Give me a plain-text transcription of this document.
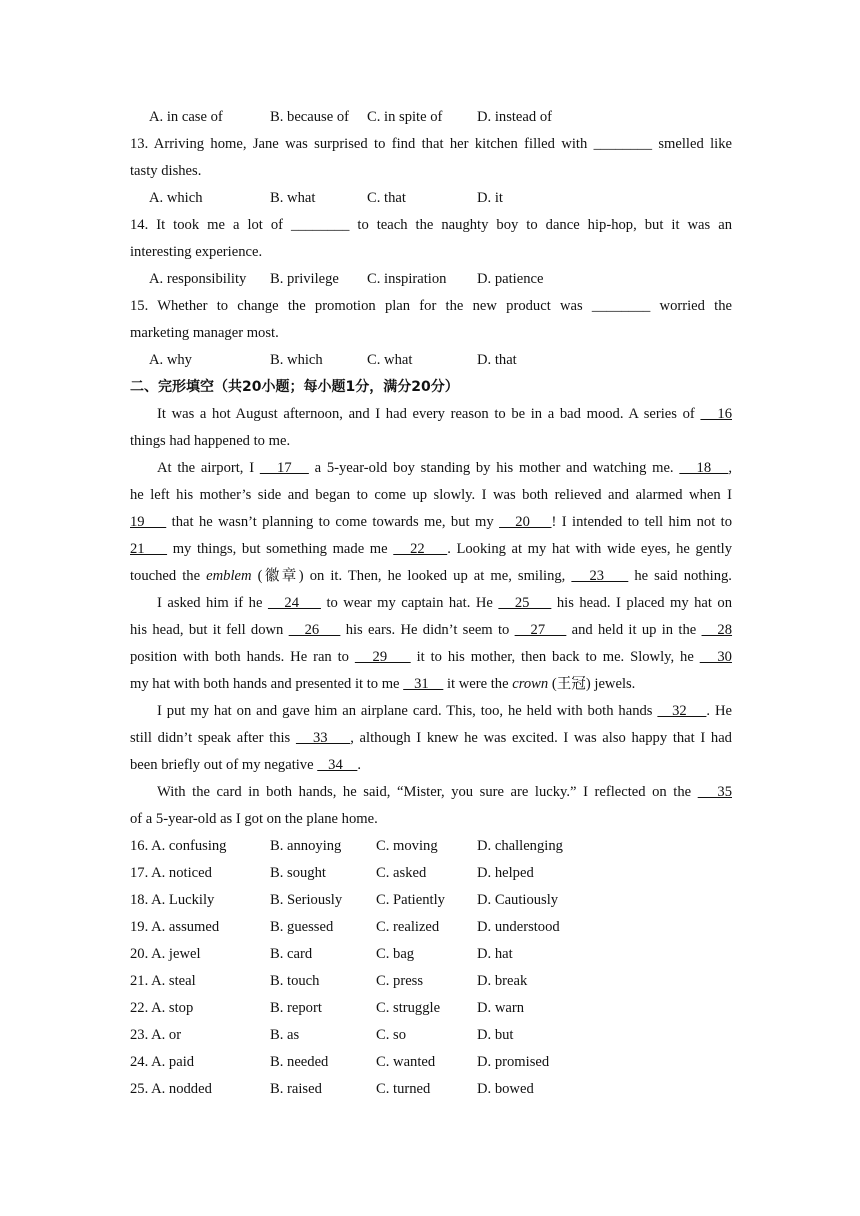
A. in case of	B. because of C. in spite of D. instead of
13. Arriving home, Jane was surprised to find that her kitchen filled with ________ smelled like
tasty dishes.
A. which	B. what	C. that	D. it
14. It took me a lot of ________ to teach the naughty boy to dance hip-hop, but it was an
interesting experience.
A. responsibility B. privilege C. inspiration D. patience
15. Whether to change the promotion plan for the new product was ________ worried the
marketing manager most.
A. why	B. which	C. what	D. that
二、完形填空（共20小题；每小题1分，满分20分）
It was a hot August afternoon, and I had every reason to be in a bad mood. A series of    16
things had happened to me.
At the airport, I    17    a 5-year-old boy standing by his mother and watching me.    18   ,
he left his mother’s side and began to come up slowly. I was both relieved and alarmed when I
19     that he wasn’t planning to come towards me, but my    20    ! I intended to tell him not to
21     my things, but something made me    22    . Looking at my hat with wide eyes, he gently
touched the emblem (徽章) on it. Then, he looked up at me, smiling,    23     he said nothing.
I asked him if he    24     to wear my captain hat. He    25     his head. I placed my hat on
his head, but it fell down    26     his ears. He didn’t seem to    27     and held it up in the    28
position with both hands. He ran to    29     it to his mother, then back to me. Slowly, he    30
my hat with both hands and presented it to me    31     it were the crown (王冠) jewels.
I put my hat on and gave him an airplane card. This, too, he held with both hands    32    . He
still didn’t speak after this    33    , although I knew he was excited. I was also happy that I had
been briefly out of my negative    34    .
With the card in both hands, he said, “Mister, you sure are lucky.” I reflected on the    35
of a 5-year-old as I got on the plane home.
16. A. confusing	B. annoying C. moving	D. challenging
17. A. noticed	B. sought	C. asked	D. helped
18. A. Luckily	B. Seriously C. Patiently D. Cautiously
19. A. assumed	B. guessed	C. realized	D. understood
20. A. jewel	B. card	C. bag	D. hat
21. A. steal	B. touch	C. press	D. break
22. A. stop	B. report	C. struggle	D. warn
23. A. or	B. as	C. so	D. but
24. A. paid	B. needed	C. wanted	D. promised
25. A. nodded	B. raised	C. turned	D. bowed
